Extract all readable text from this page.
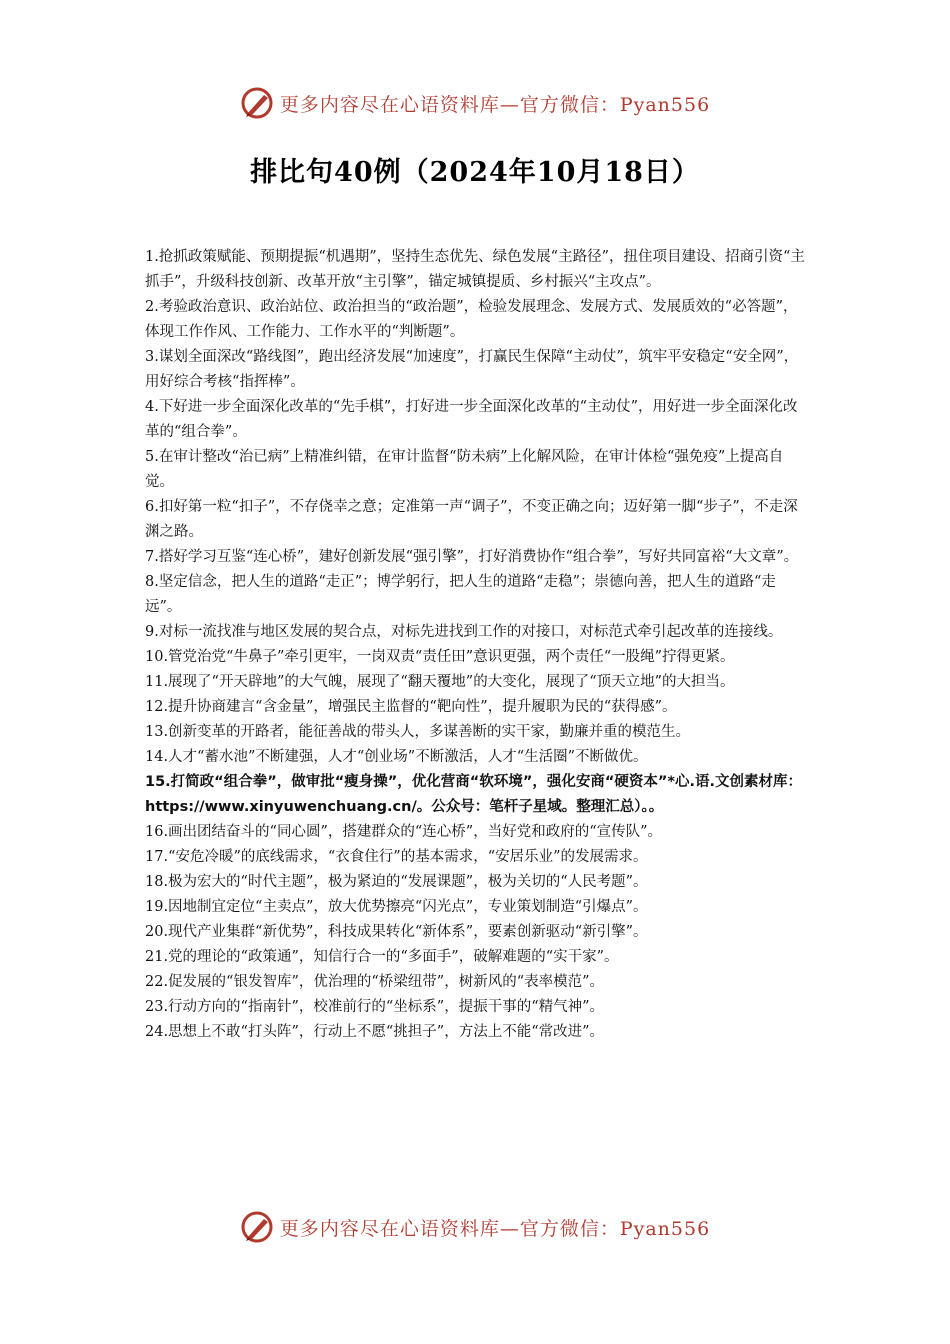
更多内容尽在心语资料库—官方微信：Pyan556
排比句40例（2024年10月18日）

1.抢抓政策赋能、预期提振“机遇期”，坚持生态优先、绿色发展“主路径”，扭住项目建设、招商引资“主抓手”，升级科技创新、改革开放“主引擎”，锚定城镇提质、乡村振兴“主攻点”。

2.考验政治意识、政治站位、政治担当的“政治题”，检验发展理念、发展方式、发展质效的“必答题”，体现工作作风、工作能力、工作水平的“判断题”。

3.谋划全面深改“路线图”，跑出经济发展“加速度”，打赢民生保障“主动仗”，筑牢平安稳定“安全网”，用好综合考核“指挥棒”。

4.下好进一步全面深化改革的“先手棋”，打好进一步全面深化改革的“主动仗”，用好进一步全面深化改革的“组合拳”。

5.在审计整改“治已病”上精准纠错，在审计监督“防未病”上化解风险，在审计体检“强免疫”上提高自觉。

6.扣好第一粒“扣子”，不存侥幸之意；定准第一声“调子”，不变正确之向；迈好第一脚“步子”，不走深渊之路。

7.搭好学习互鉴“连心桥”，建好创新发展“强引擎”，打好消费协作“组合拳”，写好共同富裕“大文章”。

8.坚定信念，把人生的道路“走正”；博学躬行，把人生的道路“走稳”；崇德向善，把人生的道路“走远”。

9.对标一流找准与地区发展的契合点，对标先进找到工作的对接口，对标范式牵引起改革的连接线。

10.管党治党“牛鼻子”牵引更牢，一岗双责“责任田”意识更强，两个责任“一股绳”拧得更紧。

11.展现了“开天辟地”的大气魄，展现了“翻天覆地”的大变化，展现了“顶天立地”的大担当。

12.提升协商建言“含金量”，增强民主监督的“靶向性”，提升履职为民的“获得感”。

13.创新变革的开路者，能征善战的带头人，多谋善断的实干家，勤廉并重的模范生。

14.人才“蓄水池”不断建强，人才“创业场”不断激活，人才“生活圈”不断做优。

15.打简政“组合拳”，做审批“瘦身操”，优化营商“软环境”，强化安商“硬资本”*心.语.文创素材库：https://www.xinyuwenchuang.cn/。公众号：笔杆子星域。整理汇总）。。

16.画出团结奋斗的“同心圆”，搭建群众的“连心桥”，当好党和政府的“宣传队”。

17.“安危冷暖”的底线需求，“衣食住行”的基本需求，“安居乐业”的发展需求。

18.极为宏大的“时代主题”，极为紧迫的“发展课题”，极为关切的“人民考题”。

19.因地制宜定位“主卖点”，放大优势擦亮“闪光点”，专业策划制造“引爆点”。

20.现代产业集群“新优势”，科技成果转化“新体系”，要素创新驱动“新引擎”。

21.党的理论的“政策通”，知信行合一的“多面手”，破解难题的“实干家”。

22.促发展的“银发智库”，优治理的“桥梁纽带”，树新风的“表率模范”。

23.行动方向的“指南针”，校准前行的“坐标系”，提振干事的“精气神”。

24.思想上不敢“打头阵”，行动上不愿“挑担子”，方法上不能“常改进”。

更多内容尽在心语资料库—官方微信：Pyan556
